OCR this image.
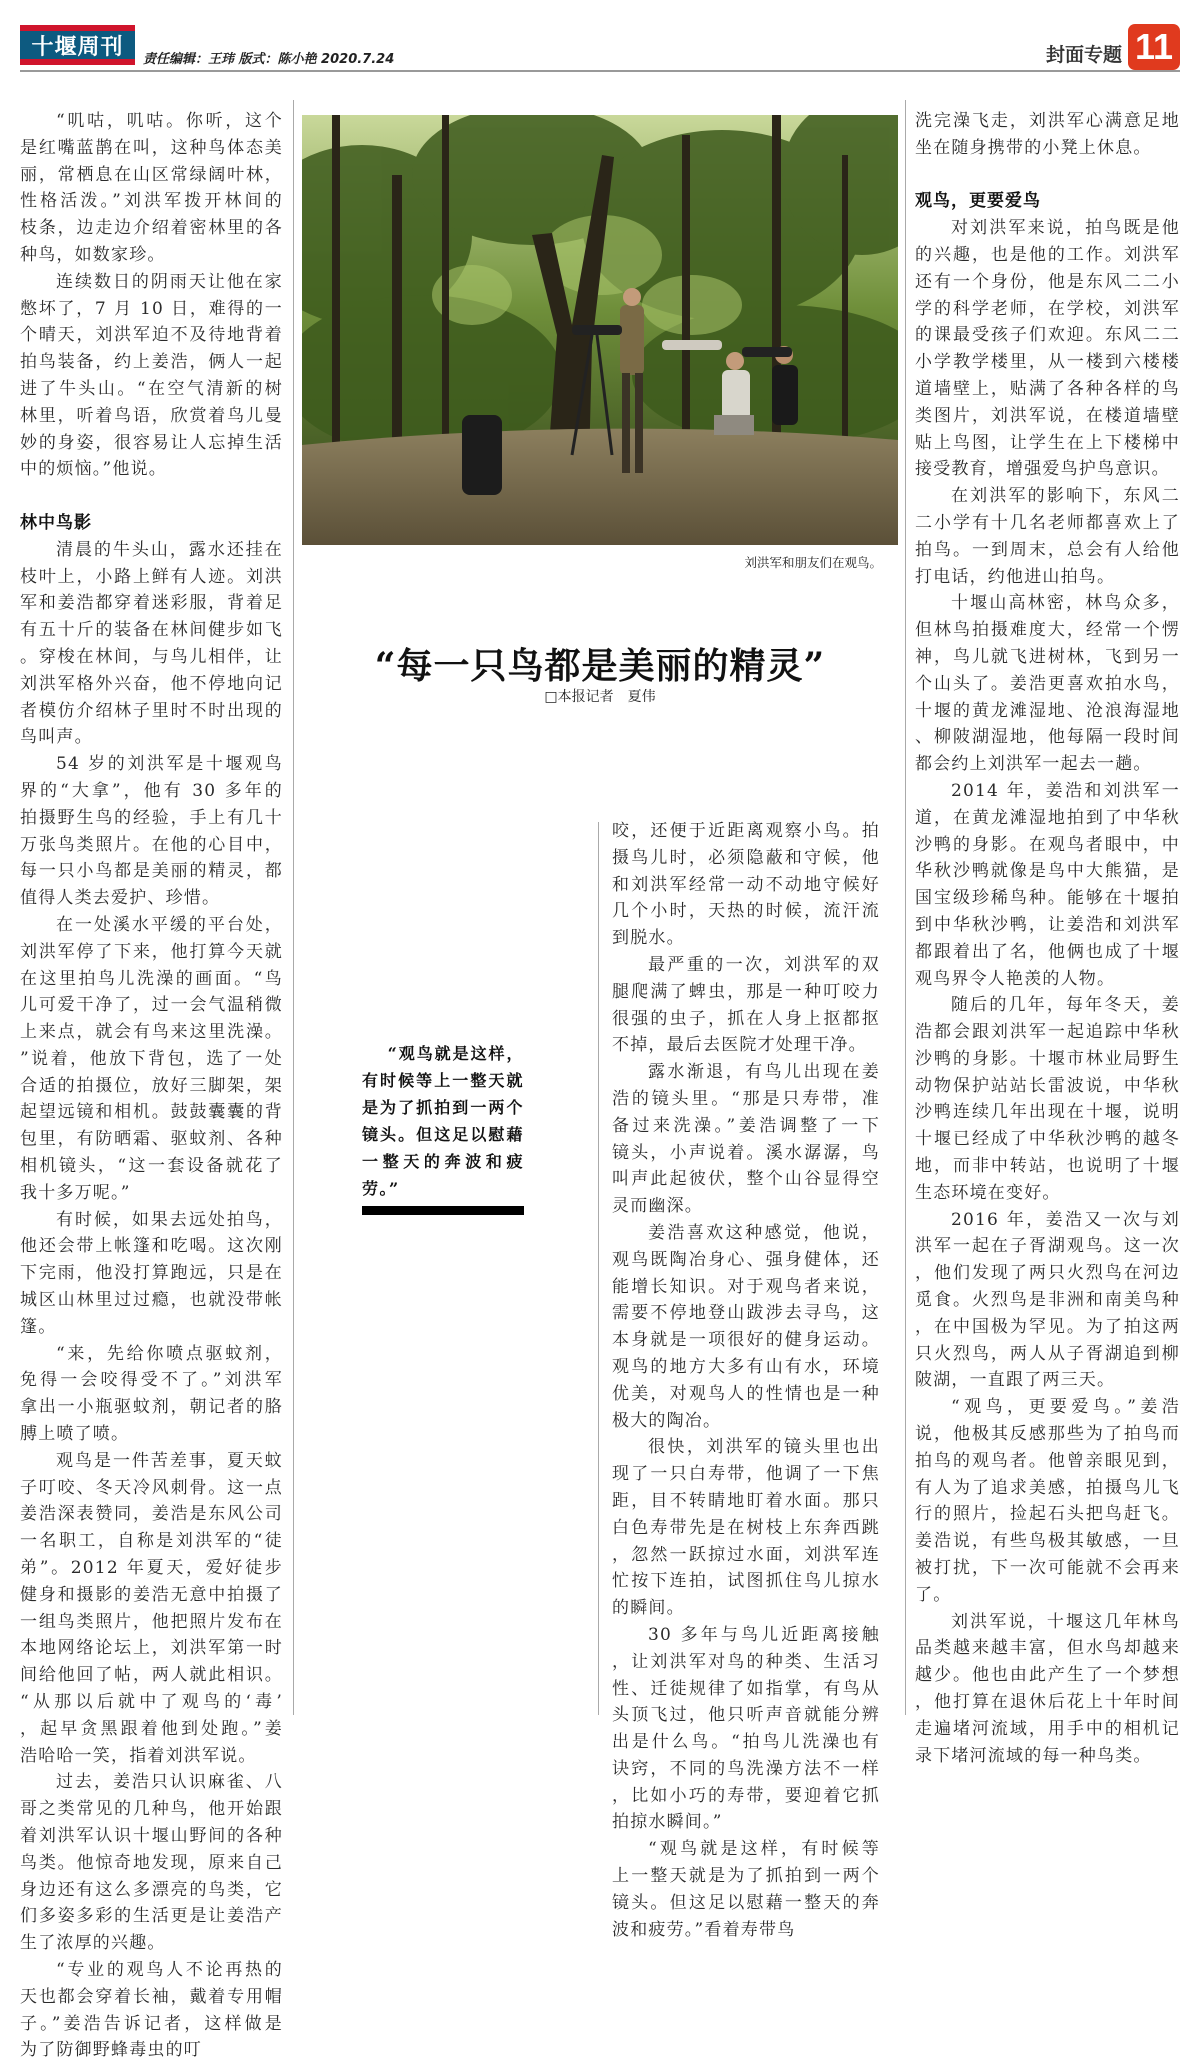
十堰周刊 责任编辑：王玮 版式：陈小艳 2020.7.24	封面专题 11

“叽咕，叽咕。你听，这个
是红嘴蓝鹊在叫，这种鸟体态美
丽，常栖息在山区常绿阔叶林，
性格活泼。”刘洪军拨开林间的
枝条，边走边介绍着密林里的各
种鸟，如数家珍。

连续数日的阴雨天让他在家
憋坏了，7 月 10 日，难得的一
个晴天，刘洪军迫不及待地背着
拍鸟装备，约上姜浩，俩人一起
进了牛头山。“在空气清新的树
林里，听着鸟语，欣赏着鸟儿曼
妙的身姿，很容易让人忘掉生活
中的烦恼。”他说。

林中鸟影

清晨的牛头山，露水还挂在
枝叶上，小路上鲜有人迹。刘洪
军和姜浩都穿着迷彩服，背着足
有五十斤的装备在林间健步如飞
。穿梭在林间，与鸟儿相伴，让
刘洪军格外兴奋，他不停地向记
者模仿介绍林子里时不时出现的
鸟叫声。

54 岁的刘洪军是十堰观鸟
界的“大拿”，他有 30 多年的
拍摄野生鸟的经验，手上有几十
万张鸟类照片。在他的心目中，
每一只小鸟都是美丽的精灵，都
值得人类去爱护、珍惜。

在一处溪水平缓的平台处，
刘洪军停了下来，他打算今天就
在这里拍鸟儿洗澡的画面。“鸟
儿可爱干净了，过一会气温稍微
上来点，就会有鸟来这里洗澡。
”说着，他放下背包，选了一处
合适的拍摄位，放好三脚架，架
起望远镜和相机。鼓鼓囊囊的背
包里，有防晒霜、驱蚊剂、各种
相机镜头，“这一套设备就花了
我十多万呢。”

有时候，如果去远处拍鸟，
他还会带上帐篷和吃喝。这次刚
下完雨，他没打算跑远，只是在
城区山林里过过瘾，也就没带帐
篷。

“来，先给你喷点驱蚊剂，
免得一会咬得受不了。”刘洪军
拿出一小瓶驱蚊剂，朝记者的胳
膊上喷了喷。

观鸟是一件苦差事，夏天蚊
子叮咬、冬天冷风刺骨。这一点
姜浩深表赞同，姜浩是东风公司
一名职工，自称是刘洪军的“徒
弟”。2012 年夏天，爱好徒步
健身和摄影的姜浩无意中拍摄了
一组鸟类照片，他把照片发布在
本地网络论坛上，刘洪军第一时
间给他回了帖，两人就此相识。
“从那以后就中了观鸟的‘毒’
，起早贪黑跟着他到处跑。”姜
浩哈哈一笑，指着刘洪军说。

过去，姜浩只认识麻雀、八
哥之类常见的几种鸟，他开始跟
着刘洪军认识十堰山野间的各种
鸟类。他惊奇地发现，原来自己
身边还有这么多漂亮的鸟类，它
们多姿多彩的生活更是让姜浩产
生了浓厚的兴趣。

“专业的观鸟人不论再热的
天也都会穿着长袖，戴着专用帽
子。”姜浩告诉记者，这样做是
为了防御野蜂毒虫的叮

刘洪军和朋友们在观鸟。
“每一只鸟都是美丽的精灵”
□本报记者　夏伟
“观鸟就是这样，有时候等上一整天就是为了抓拍到一两个镜头。但这足以慰藉一整天的奔波和疲劳。”

咬，还便于近距离观察小鸟。拍
摄鸟儿时，必须隐蔽和守候，他
和刘洪军经常一动不动地守候好
几个小时，天热的时候，流汗流
到脱水。

最严重的一次，刘洪军的双
腿爬满了蜱虫，那是一种叮咬力
很强的虫子，抓在人身上抠都抠
不掉，最后去医院才处理干净。

露水渐退，有鸟儿出现在姜
浩的镜头里。“那是只寿带，准
备过来洗澡。”姜浩调整了一下
镜头，小声说着。溪水潺潺，鸟
叫声此起彼伏，整个山谷显得空
灵而幽深。

姜浩喜欢这种感觉，他说，
观鸟既陶冶身心、强身健体，还
能增长知识。对于观鸟者来说，
需要不停地登山跋涉去寻鸟，这
本身就是一项很好的健身运动。
观鸟的地方大多有山有水，环境
优美，对观鸟人的性情也是一种
极大的陶冶。

很快，刘洪军的镜头里也出
现了一只白寿带，他调了一下焦
距，目不转睛地盯着水面。那只
白色寿带先是在树枝上东奔西跳
，忽然一跃掠过水面，刘洪军连
忙按下连拍，试图抓住鸟儿掠水
的瞬间。

30 多年与鸟儿近距离接触
，让刘洪军对鸟的种类、生活习
性、迁徙规律了如指掌，有鸟从
头顶飞过，他只听声音就能分辨
出是什么鸟。“拍鸟儿洗澡也有
诀窍，不同的鸟洗澡方法不一样
，比如小巧的寿带，要迎着它抓
拍掠水瞬间。”

“观鸟就是这样，有时候等
上一整天就是为了抓拍到一两个
镜头。但这足以慰藉一整天的奔
波和疲劳。”看着寿带鸟

洗完澡飞走，刘洪军心满意足地
坐在随身携带的小凳上休息。

观鸟，更要爱鸟

对刘洪军来说，拍鸟既是他
的兴趣，也是他的工作。刘洪军
还有一个身份，他是东风二二小
学的科学老师，在学校，刘洪军
的课最受孩子们欢迎。东风二二
小学教学楼里，从一楼到六楼楼
道墙壁上，贴满了各种各样的鸟
类图片，刘洪军说，在楼道墙壁
贴上鸟图，让学生在上下楼梯中
接受教育，增强爱鸟护鸟意识。

在刘洪军的影响下，东风二
二小学有十几名老师都喜欢上了
拍鸟。一到周末，总会有人给他
打电话，约他进山拍鸟。

十堰山高林密，林鸟众多，
但林鸟拍摄难度大，经常一个愣
神，鸟儿就飞进树林，飞到另一
个山头了。姜浩更喜欢拍水鸟，
十堰的黄龙滩湿地、沧浪海湿地
、柳陂湖湿地，他每隔一段时间
都会约上刘洪军一起去一趟。

2014 年，姜浩和刘洪军一
道，在黄龙滩湿地拍到了中华秋
沙鸭的身影。在观鸟者眼中，中
华秋沙鸭就像是鸟中大熊猫，是
国宝级珍稀鸟种。能够在十堰拍
到中华秋沙鸭，让姜浩和刘洪军
都跟着出了名，他俩也成了十堰
观鸟界令人艳羡的人物。

随后的几年，每年冬天，姜
浩都会跟刘洪军一起追踪中华秋
沙鸭的身影。十堰市林业局野生
动物保护站站长雷波说，中华秋
沙鸭连续几年出现在十堰，说明
十堰已经成了中华秋沙鸭的越冬
地，而非中转站，也说明了十堰
生态环境在变好。

2016 年，姜浩又一次与刘
洪军一起在子胥湖观鸟。这一次
，他们发现了两只火烈鸟在河边
觅食。火烈鸟是非洲和南美鸟种
，在中国极为罕见。为了拍这两
只火烈鸟，两人从子胥湖追到柳
陂湖，一直跟了两三天。

“观鸟，更要爱鸟。”姜浩
说，他极其反感那些为了拍鸟而
拍鸟的观鸟者。他曾亲眼见到，
有人为了追求美感，拍摄鸟儿飞
行的照片，捡起石头把鸟赶飞。
姜浩说，有些鸟极其敏感，一旦
被打扰，下一次可能就不会再来
了。

刘洪军说，十堰这几年林鸟
品类越来越丰富，但水鸟却越来
越少。他也由此产生了一个梦想
，他打算在退休后花上十年时间
走遍堵河流域，用手中的相机记
录下堵河流域的每一种鸟类。
